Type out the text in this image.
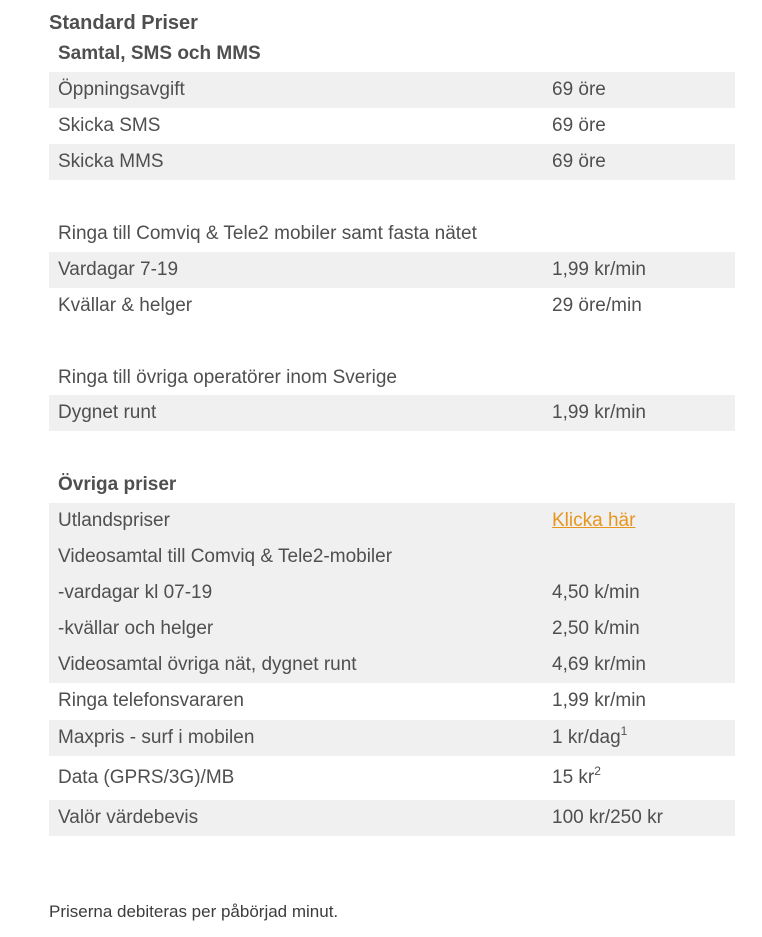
Standard Priser
Samtal, SMS och MMS
Öppningsavgift	69 öre
Skicka SMS	69 öre
Skicka MMS	69 öre
Ringa till Comviq & Tele2 mobiler samt fasta nätet
Vardagar 7-19	1,99 kr/min
Kvällar & helger	29 öre/min
Ringa till övriga operatörer inom Sverige
Dygnet runt	1,99 kr/min
Övriga priser
Utlandspriser	Klicka här
Videosamtal till Comviq & Tele2-mobiler
-vardagar kl 07-19	4,50 k/min
-kvällar och helger	2,50 k/min
Videosamtal övriga nät, dygnet runt	4,69 kr/min
Ringa telefonsvararen	1,99 kr/min
Maxpris - surf i mobilen	1 kr/dag$^1$
Data (GPRS/3G)/MB	15 $kr^2$
Valör värdebevis	100 kr/250 kr
Priserna debiteras per påbörjad minut.
